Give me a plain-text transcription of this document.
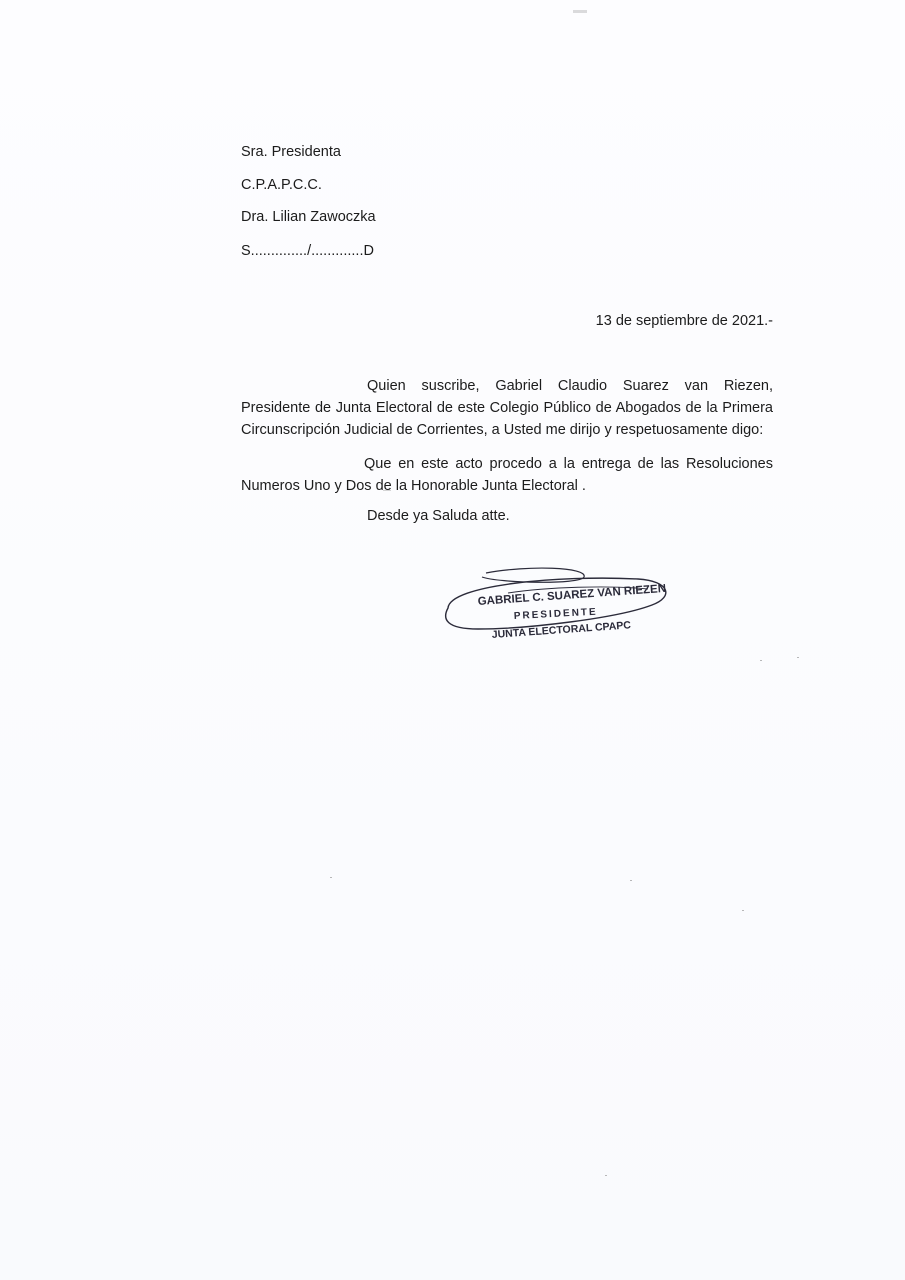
Sra. Presidenta
C.P.A.P.C.C.
Dra. Lilian Zawoczka
S............../.............D
13 de septiembre de 2021.-
Quien suscribe, Gabriel Claudio Suarez van Riezen, Presidente de Junta Electoral de este Colegio Público de Abogados de la Primera Circunscripción Judicial de Corrientes, a Usted me dirijo y respetuosamente digo:
Que en este acto procedo a la entrega de las Resoluciones Numeros Uno y Dos de la Honorable Junta Electoral .
Desde ya Saluda atte.
GABRIEL C. SUAREZ VAN RIEZEN
PRESIDENTE
JUNTA ELECTORAL CPAPC
